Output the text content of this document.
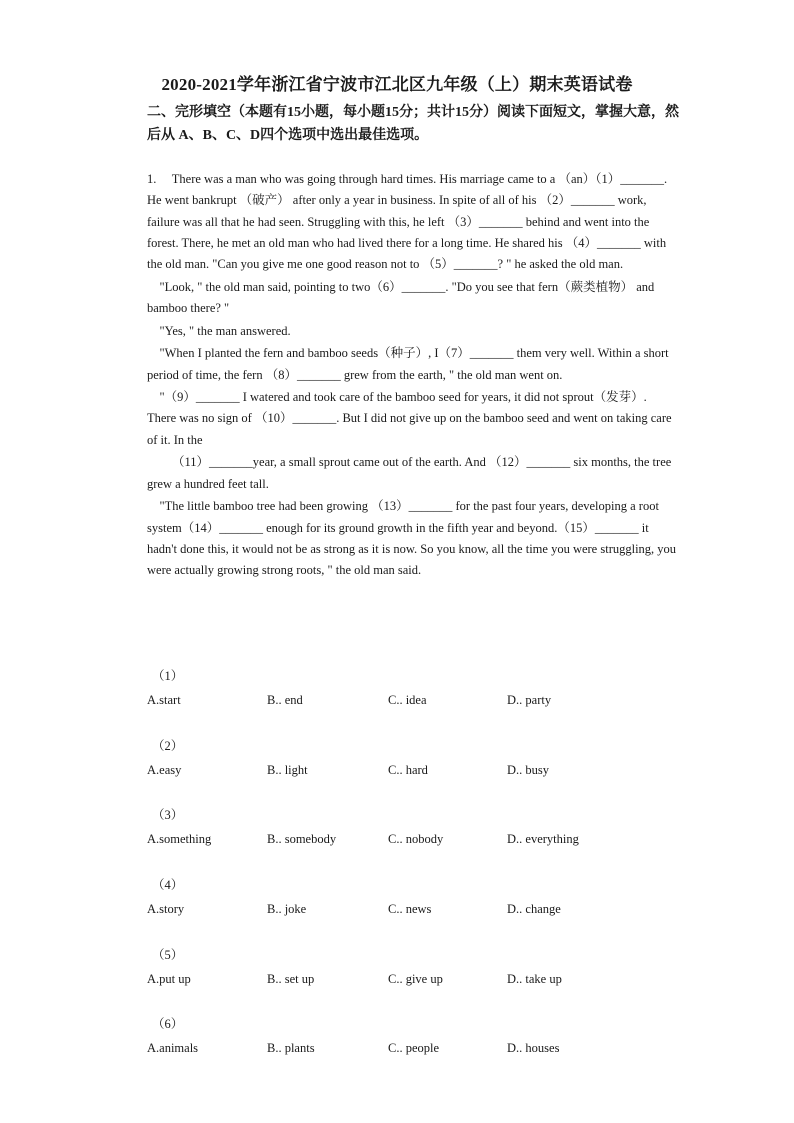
2020-2021学年浙江省宁波市江北区九年级（上）期末英语试卷
二、完形填空（本题有15小题，每小题15分；共计15分）阅读下面短文，掌握大意，然后从 A、B、C、D四个选项中选出最佳选项。

1.  There was a man who was going through hard times. His marriage came to a （an）（1）_______. He went bankrupt （破产） after only a year in business. In spite of all of his （2）_______ work, failure was all that he had seen. Struggling with this, he left （3）_______ behind and went into the forest. There, he met an old man who had lived there for a long time. He shared his （4）_______ with the old man. "Can you give me one good reason not to （5）_______? " he asked the old man.

 "Look, " the old man said, pointing to two（6）_______. "Do you see that fern（蕨类植物） and bamboo there? "

 "Yes, " the man answered.

 "When I planted the fern and bamboo seeds（种子）, I（7）_______ them very well. Within a short period of time, the fern （8）_______ grew from the earth, " the old man went on.

 "（9）_______ I watered and took care of the bamboo seed for years, it did not sprout（发芽）. There was no sign of （10）_______. But I did not give up on the bamboo seed and went on taking care of it. In the

  （11）_______year, a small sprout came out of the earth. And （12）_______ six months, the tree grew a hundred feet tall.

 "The little bamboo tree had been growing （13）_______ for the past four years, developing a root system（14）_______ enough for its ground growth in the fifth year and beyond.（15）_______ it hadn't done this, it would not be as strong as it is now. So you know, all the time you were struggling, you were actually growing strong roots, " the old man said.

（1）
A.start	B.. end	C.. idea	D.. party
（2）
A.easy	B.. light	C.. hard	D.. busy
（3）
A.something	B.. somebody	C.. nobody	D.. everything
（4）
A.story	B.. joke	C.. news	D.. change
（5）
A.put up	B.. set up	C.. give up	D.. take up
（6）
A.animals	B.. plants	C.. people	D.. houses
